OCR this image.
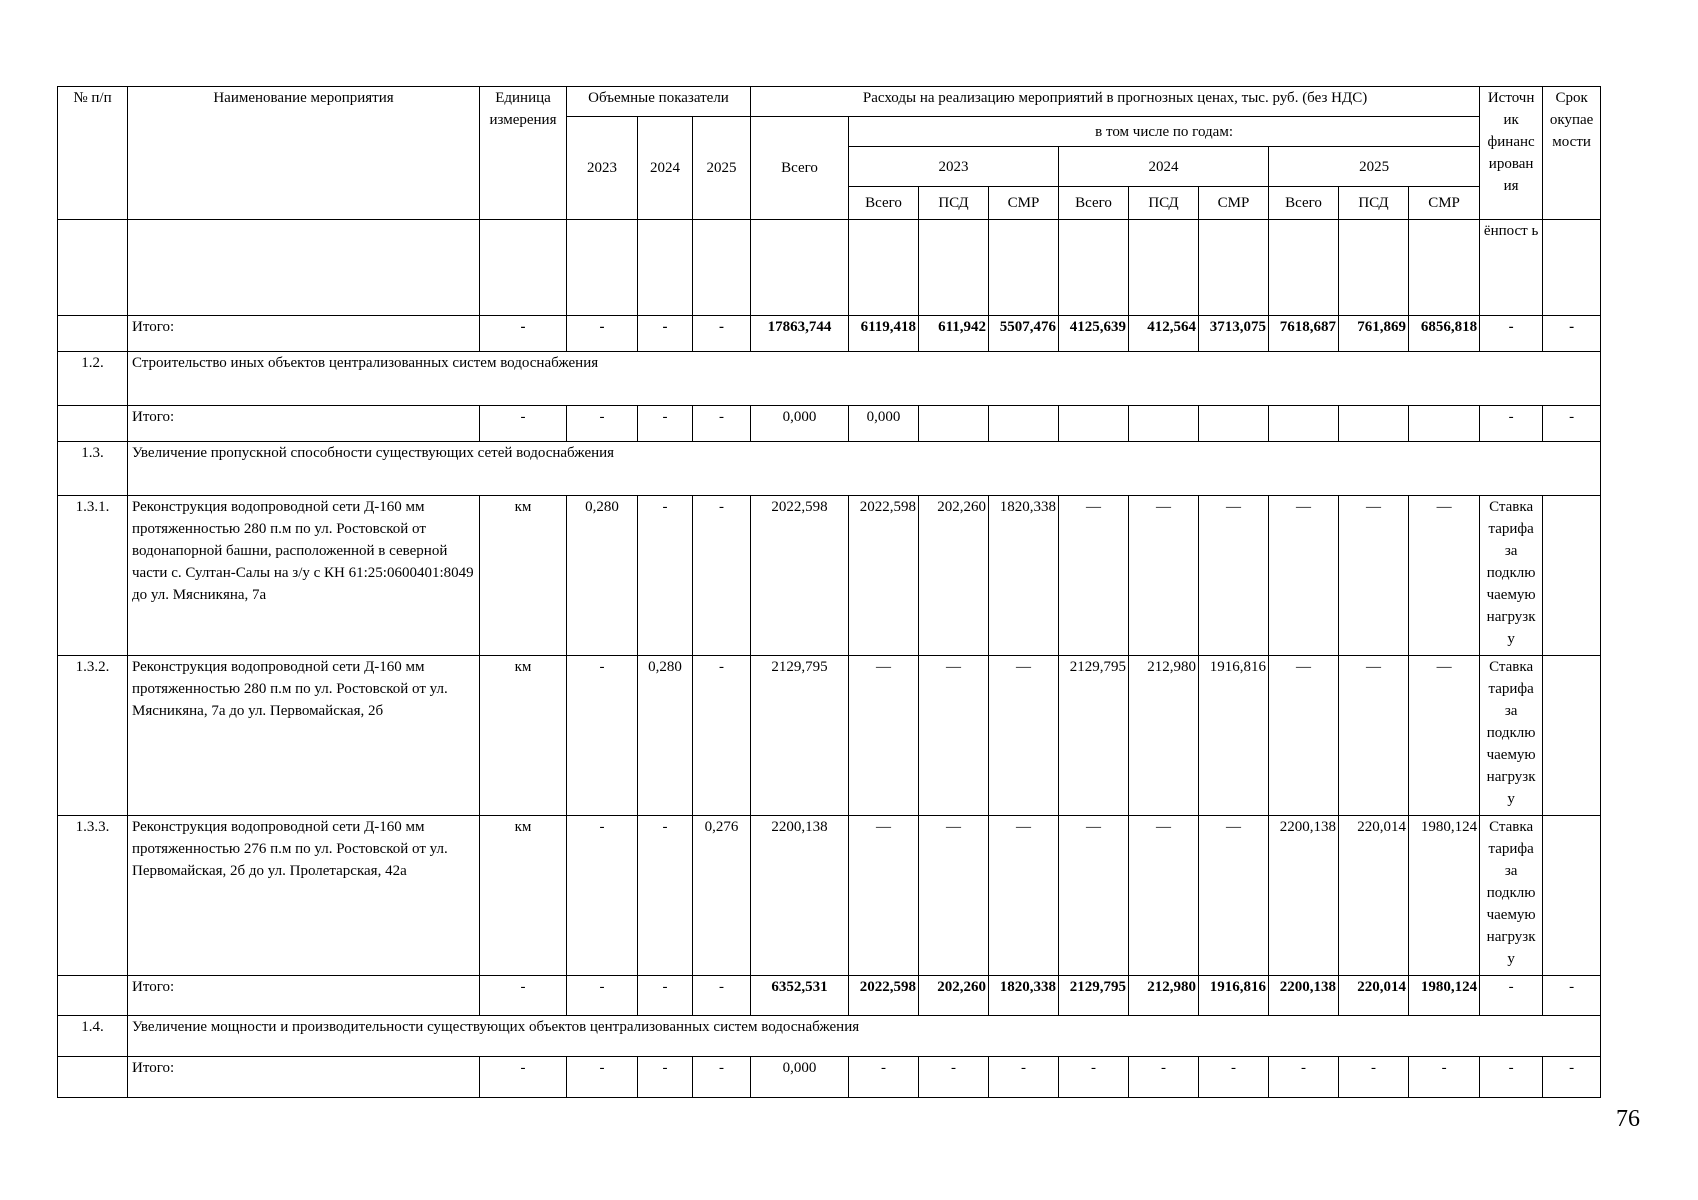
№ п/п	Наименование мероприятия	Единица измерения	Объемные показатели			Расходы на реализацию мероприятий в прогнозных ценах, тыс. руб. (без НДС)										Источн ик финанс ирован ия	Срок окупае мости
			2023	2024	2025	Всего	в том числе по годам:										
							2023			2024			2025				
							Всего	ПСД	СМР	Всего	ПСД	СМР	Всего	ПСД	СМР		
																ёнпост ь	
	Итого:	-	-	-	-	17863,744	6119,418	611,942	5507,476	4125,639	412,564	3713,075	7618,687	761,869	6856,818	-	-
1.2.	Строительство иных объектов централизованных систем водоснабжения																
	Итого:	-	-	-	-	0,000	0,000									-	-
1.3.	Увеличение пропускной способности существующих сетей водоснабжения																
1.3.1.	Реконструкция водопроводной сети Д-160 мм протяженностью 280 п.м по ул. Ростовской от водонапорной башни, расположенной в северной части с. Султан-Салы на з/у с КН 61:25:0600401:8049 до ул. Мясникяна, 7а	км	0,280	-	-	2022,598	2022,598	202,260	1820,338	—	—	—	—	—	—	Ставка тарифа за подклю чаемую нагрузк у	
1.3.2.	Реконструкция водопроводной сети Д-160 мм протяженностью 280 п.м по ул. Ростовской от ул. Мясникяна, 7а до ул. Первомайская, 2б	км	-	0,280	-	2129,795	—	—	—	2129,795	212,980	1916,816	—	—	—	Ставка тарифа за подклю чаемую нагрузк у	
1.3.3.	Реконструкция водопроводной сети Д-160 мм протяженностью 276 п.м по ул. Ростовской от ул. Первомайская, 2б до ул. Пролетарская, 42а	км	-	-	0,276	2200,138	—	—	—	—	—	—	2200,138	220,014	1980,124	Ставка тарифа за подклю чаемую нагрузк у	
	Итого:	-	-	-	-	6352,531	2022,598	202,260	1820,338	2129,795	212,980	1916,816	2200,138	220,014	1980,124	-	-
1.4.	Увеличение мощности и производительности существующих объектов централизованных систем водоснабжения																
	Итого:	-	-	-	-	0,000	-	-	-	-	-	-	-	-	-	-	-
76
